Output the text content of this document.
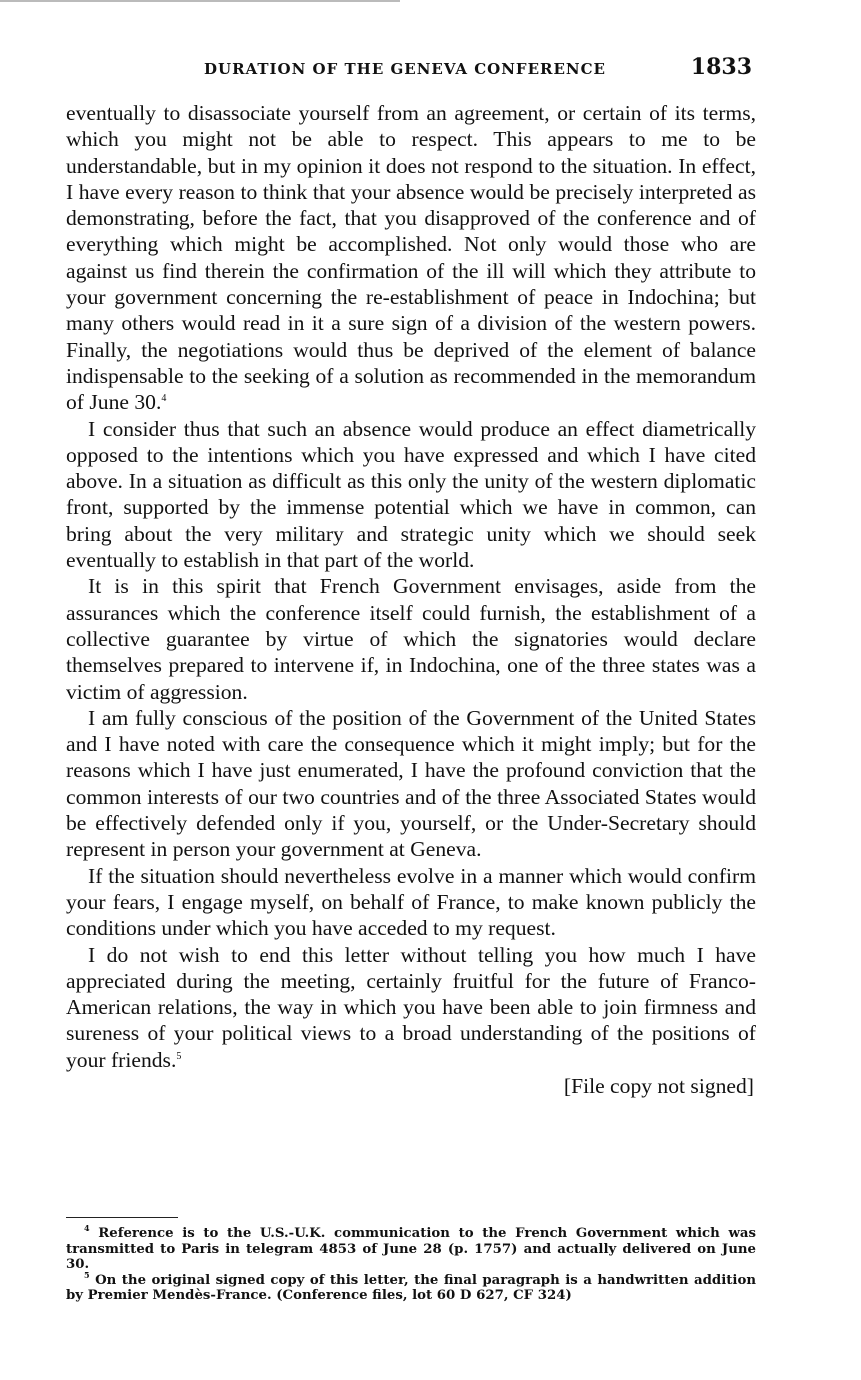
DURATION OF THE GENEVA CONFERENCE	1833

eventually to disassociate yourself from an agreement, or certain of its terms, which you might not be able to respect. This appears to me to be understandable, but in my opinion it does not respond to the situation. In effect, I have every reason to think that your absence would be precisely interpreted as demonstrating, before the fact, that you disapproved of the conference and of everything which might be accomplished. Not only would those who are against us find therein the confirmation of the ill will which they attribute to your government concerning the re-establishment of peace in Indochina; but many others would read in it a sure sign of a division of the western powers. Finally, the negotiations would thus be deprived of the element of balance indispensable to the seeking of a solution as recommended in the memorandum of June 30.$^4$

I consider thus that such an absence would produce an effect diametrically opposed to the intentions which you have expressed and which I have cited above. In a situation as difficult as this only the unity of the western diplomatic front, supported by the immense potential which we have in common, can bring about the very military and strategic unity which we should seek eventually to establish in that part of the world.

It is in this spirit that French Government envisages, aside from the assurances which the conference itself could furnish, the establishment of a collective guarantee by virtue of which the signatories would declare themselves prepared to intervene if, in Indochina, one of the three states was a victim of aggression.

I am fully conscious of the position of the Government of the United States and I have noted with care the consequence which it might imply; but for the reasons which I have just enumerated, I have the profound conviction that the common interests of our two countries and of the three Associated States would be effectively defended only if you, yourself, or the Under-Secretary should represent in person your government at Geneva.

If the situation should nevertheless evolve in a manner which would confirm your fears, I engage myself, on behalf of France, to make known publicly the conditions under which you have acceded to my request.

I do not wish to end this letter without telling you how much I have appreciated during the meeting, certainly fruitful for the future of Franco-American relations, the way in which you have been able to join firmness and sureness of your political views to a broad understanding of the positions of your friends.$^5$

[File copy not signed]

$^4$ Reference is to the U.S.-U.K. communication to the French Government which was transmitted to Paris in telegram 4853 of June 28 (p. 1757) and actually delivered on June 30.

$^5$ On the original signed copy of this letter, the final paragraph is a handwritten addition by Premier Mendès-France. (Conference files, lot 60 D 627, CF 324)
